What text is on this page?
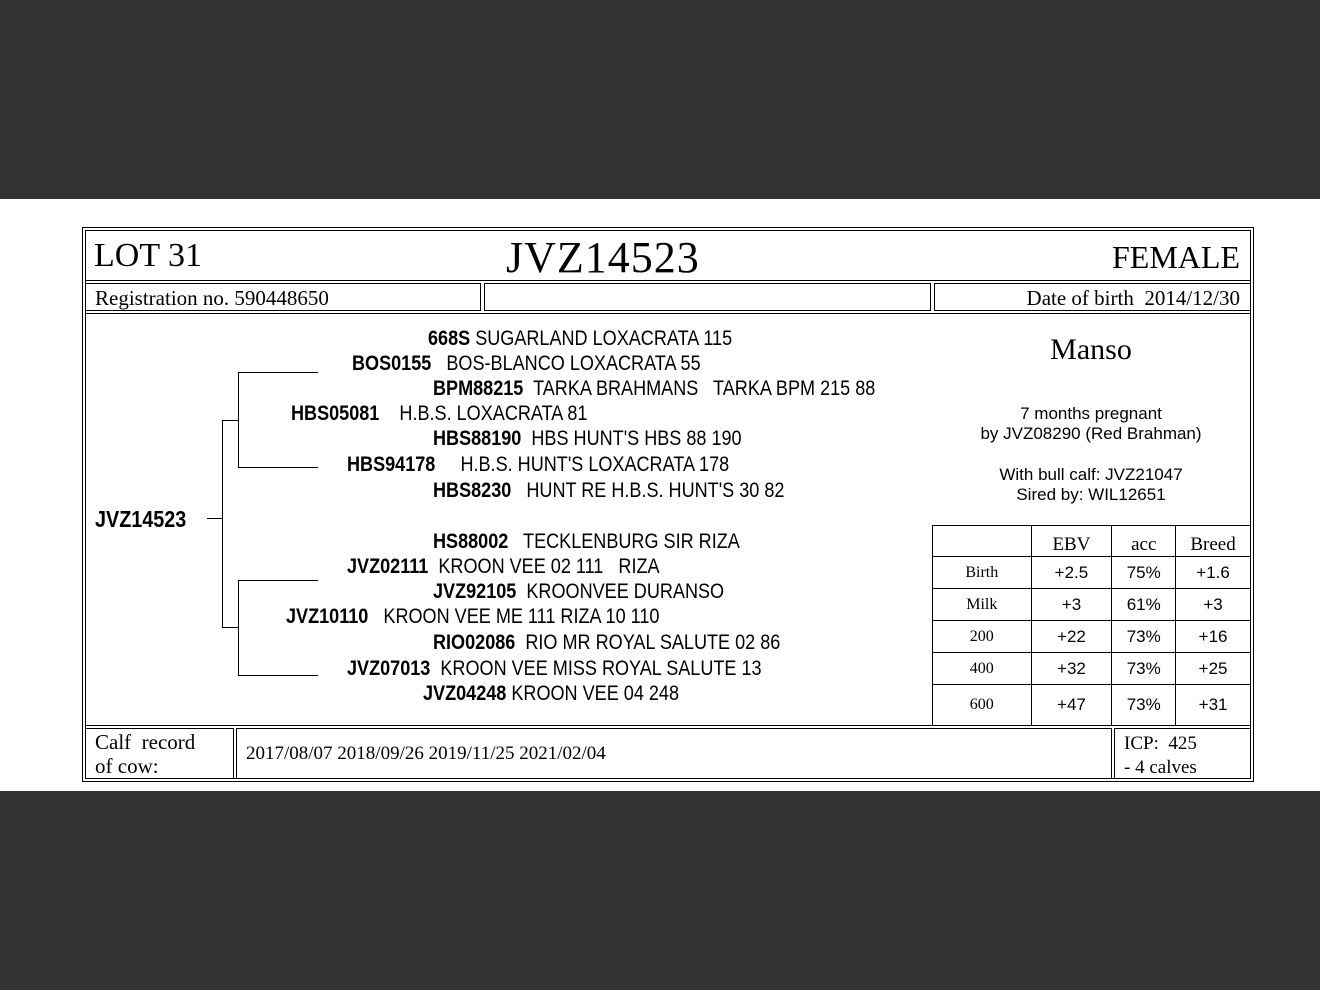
LOT 31	JVZ14523	FEMALE
Registration no. 590448650	Date of birth 2014/12/30
JVZ14523
668S SUGARLAND LOXACRATA 115
BOS0155 BOS-BLANCO LOXACRATA 55
BPM88215 TARKA BRAHMANS   TARKA BPM 215 88
HBS05081 H.B.S. LOXACRATA 81
HBS88190 HBS HUNT'S HBS 88 190
HBS94178 H.B.S. HUNT'S LOXACRATA 178
HBS8230 HUNT RE H.B.S. HUNT'S 30 82
HS88002 TECKLENBURG SIR RIZA
JVZ02111 KROON VEE 02 111   RIZA
JVZ92105 KROONVEE DURANSO
JVZ10110 KROON VEE ME 111 RIZA 10 110
RIO02086 RIO MR ROYAL SALUTE 02 86
JVZ07013 KROON VEE MISS ROYAL SALUTE 13
JVZ04248 KROON VEE 04 248
Manso
7 months pregnant
by JVZ08290 (Red Brahman)
With bull calf: JVZ21047
Sired by: WIL12651
	EBV	acc	Breed
Birth	+2.5	75%	+1.6
Milk	+3	61%	+3
200	+22	73%	+16
400	+32	73%	+25
600	+47	73%	+31
Calf  record
of cow:
2017/08/07 2018/09/26 2019/11/25 2021/02/04	ICP:  425
- 4 calves
